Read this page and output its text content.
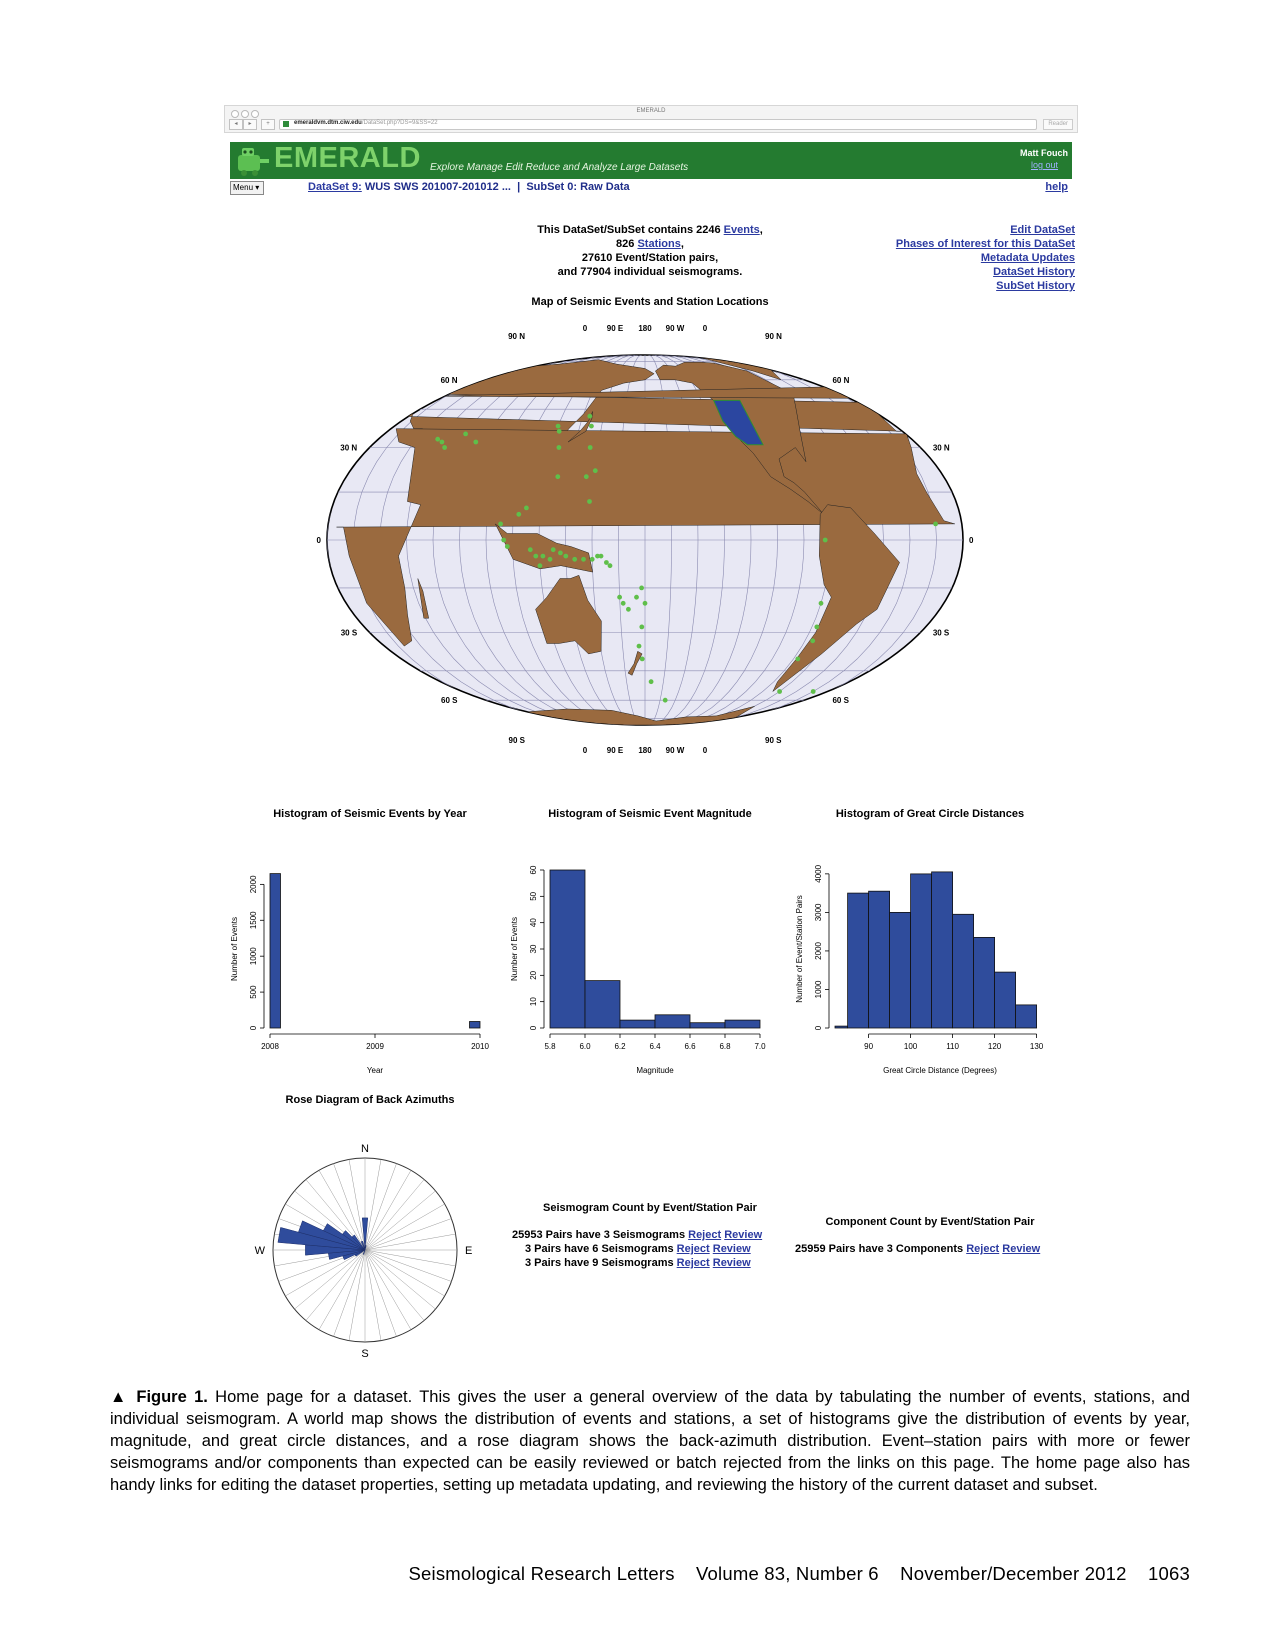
EMERALD
◂	▸	+	emeraldvm.dtm.ciw.edu/DataSet.php?DS=9&SS=22	Reader
EMERALD Explore Manage Edit Reduce and Analyze Large Datasets
Matt Fouch
log out
Menu ▾	DataSet 9: WUS SWS 201007-201012 ... | SubSet 0: Raw Data	help
This DataSet/SubSet contains 2246 Events,
826 Stations,
27610 Event/Station pairs,
and 77904 individual seismograms.
Edit DataSet
Phases of Interest for this DataSet
Metadata Updates
DataSet History
SubSet History
Map of Seismic Events and Station Locations
0 90 E 180 90 W 0
0 90 E 180 90 W 0
90 N
60 N
30 N
0
30 S
60 S
90 S
90 N
60 N
30 N
0
30 S
60 S
90 S
Histogram of Seismic Events by Year	Histogram of Seismic Event Magnitude	Histogram of Great Circle Distances
2008	2009	2010
Year
0
500
1000
1500
2000
Number of Events
5.8	6.0	6.2	6.4	6.6	6.8	7.0
Magnitude
0
10
20
30
40
50
60
Number of Events
90	100	110	120	130
Great Circle Distance (Degrees)
0
1000
2000
3000
4000
Number of Event/Station Pairs
Rose Diagram of Back Azimuths
N
S
E
W
Seismogram Count by Event/Station Pair
25953 Pairs have 3 Seismograms Reject Review
3 Pairs have 6 Seismograms Reject Review
3 Pairs have 9 Seismograms Reject Review
Component Count by Event/Station Pair
25959 Pairs have 3 Components Reject Review
▲ Figure 1. Home page for a dataset. This gives the user a general overview of the data by tabulating the number of events, stations, and individual seismogram. A world map shows the distribution of events and stations, a set of histograms give the distribution of events by year, magnitude, and great circle distances, and a rose diagram shows the back-azimuth distribution. Event–station pairs with more or fewer seismograms and/or components than expected can be easily reviewed or batch rejected from the links on this page. The home page also has handy links for editing the dataset properties, setting up metadata updating, and reviewing the history of the current dataset and subset.
Seismological Research Letters Volume 83, Number 6 November/December 2012 1063
